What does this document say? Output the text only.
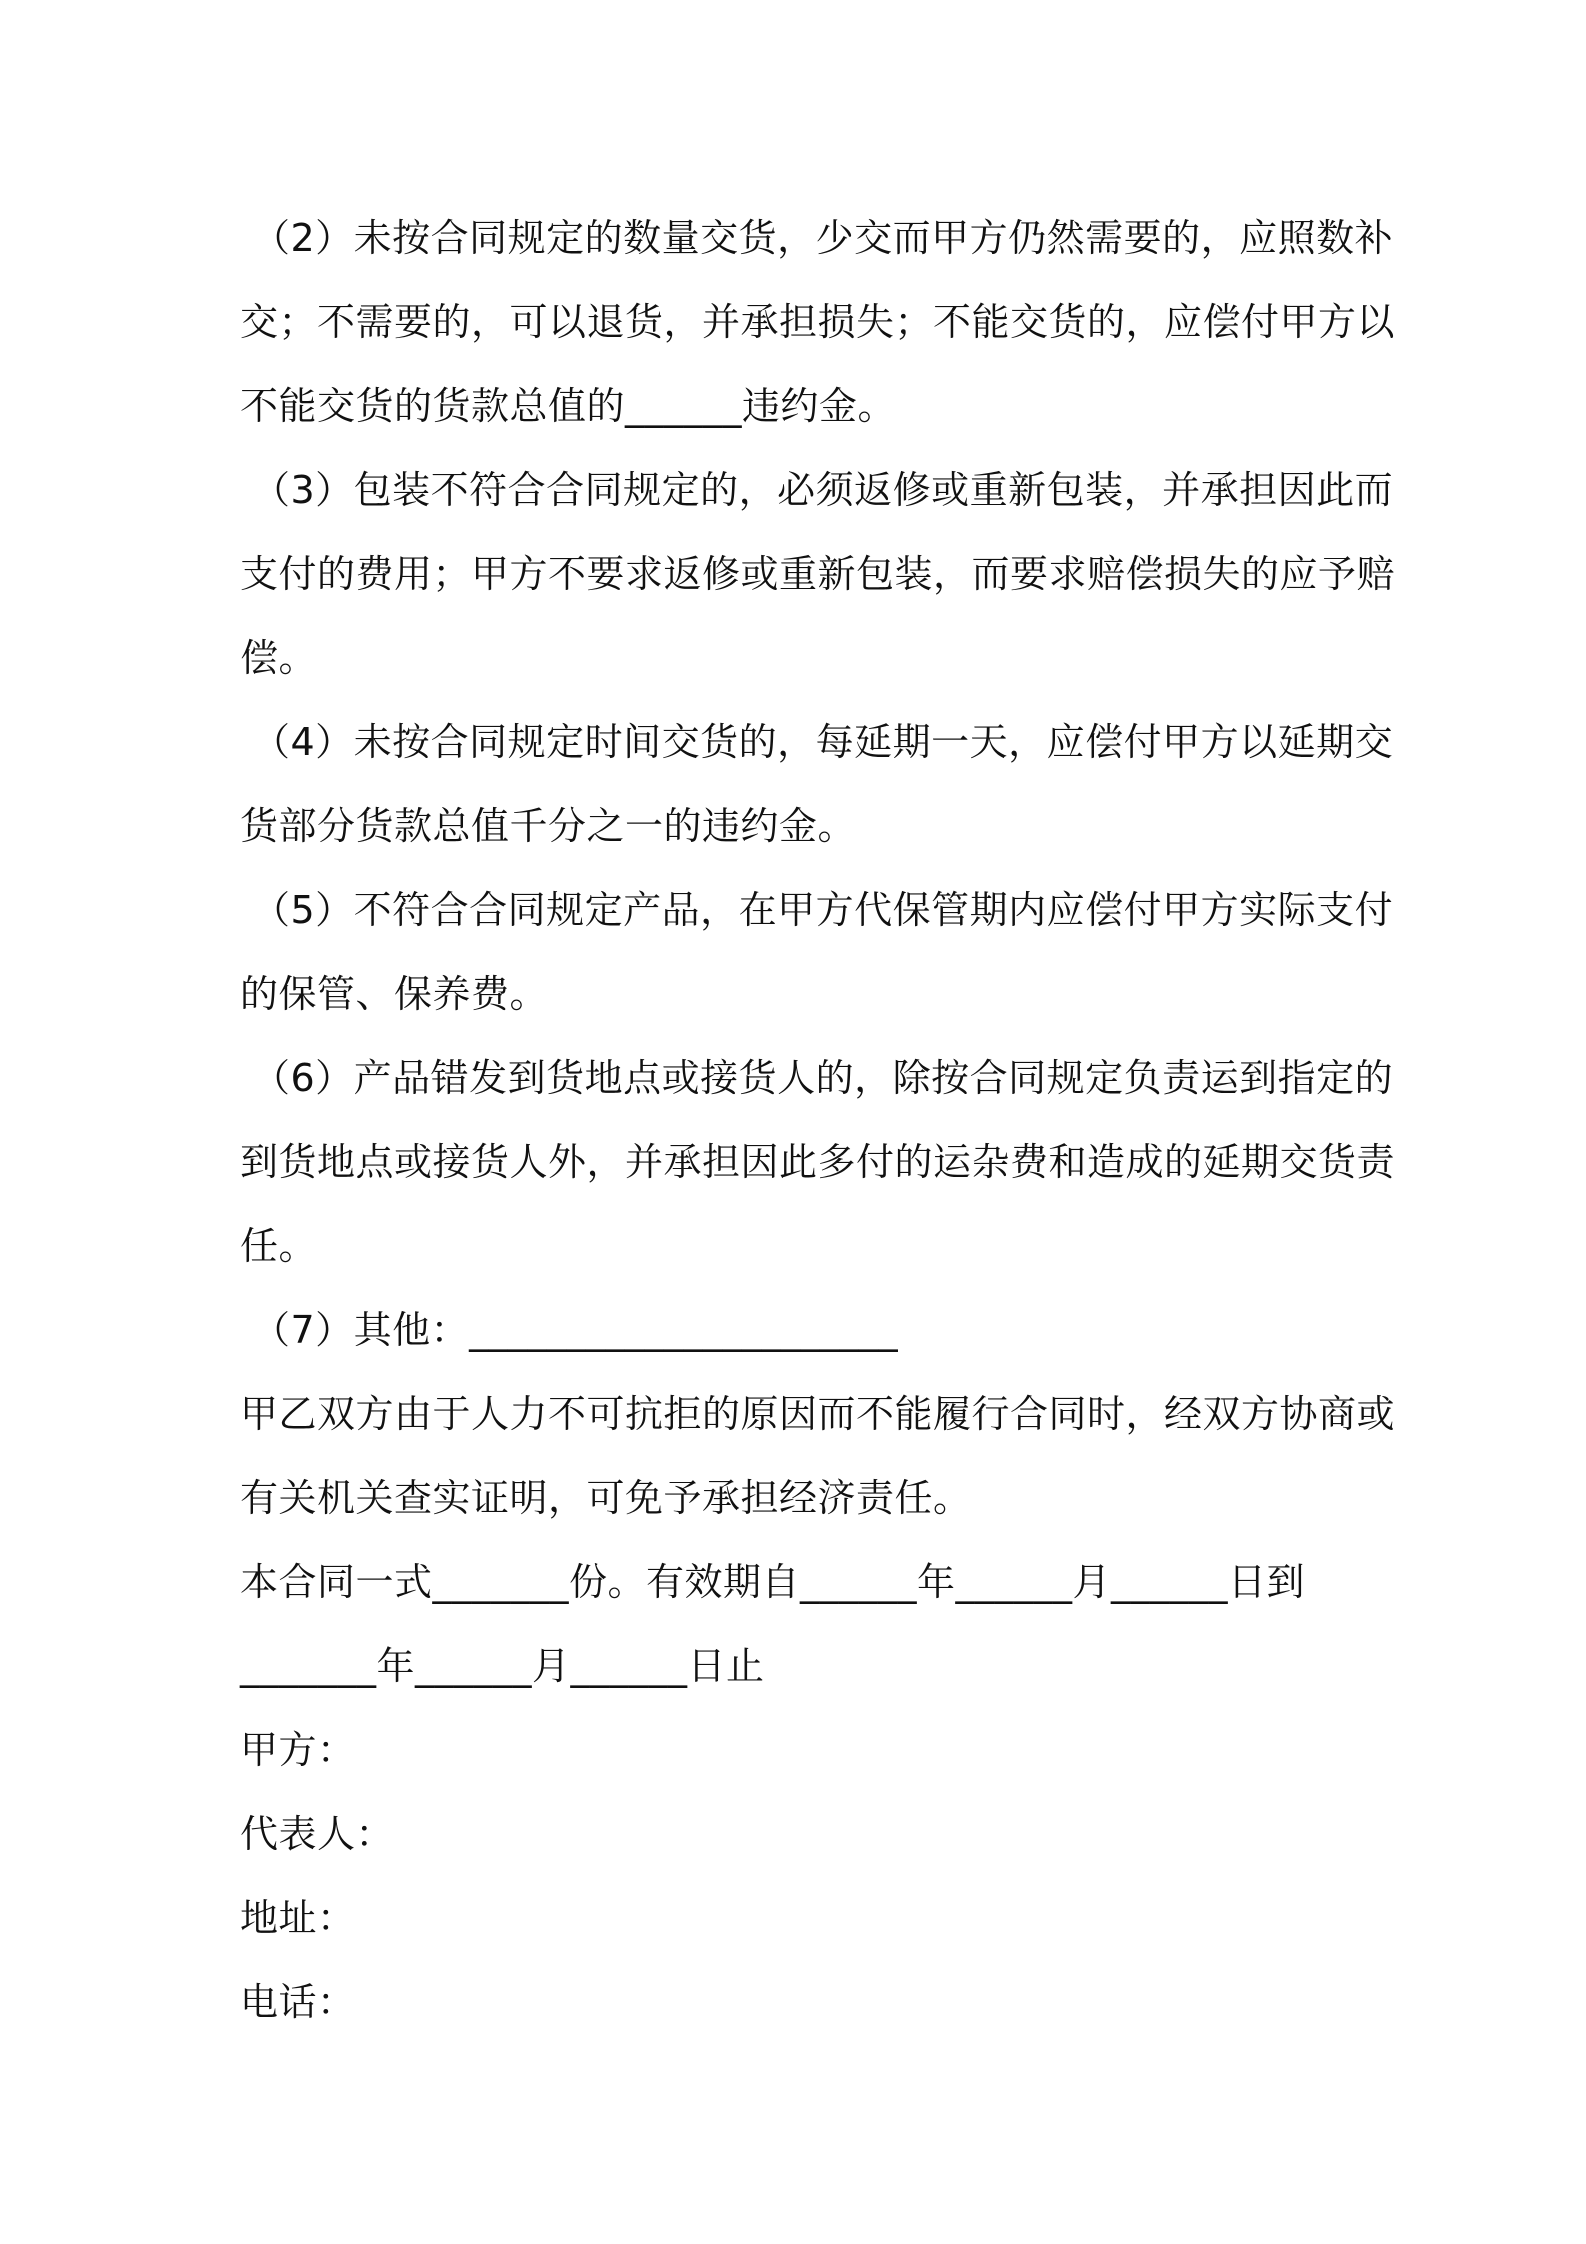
（2）未按合同规定的数量交货，少交而甲方仍然需要的，应照数补
交；不需要的，可以退货，并承担损失；不能交货的，应偿付甲方以
不能交货的货款总值的______违约金。
（3）包装不符合合同规定的，必须返修或重新包装，并承担因此而
支付的费用；甲方不要求返修或重新包装，而要求赔偿损失的应予赔
偿。
（4）未按合同规定时间交货的，每延期一天，应偿付甲方以延期交
货部分货款总值千分之一的违约金。
（5）不符合合同规定产品，在甲方代保管期内应偿付甲方实际支付
的保管、保养费。
（6）产品错发到货地点或接货人的，除按合同规定负责运到指定的
到货地点或接货人外，并承担因此多付的运杂费和造成的延期交货责
任。
（7）其他：______________________
甲乙双方由于人力不可抗拒的原因而不能履行合同时，经双方协商或
有关机关查实证明，可免予承担经济责任。
本合同一式_______份。有效期自______年______月______日到
_______年______月______日止
甲方：
代表人：
地址：
电话：
